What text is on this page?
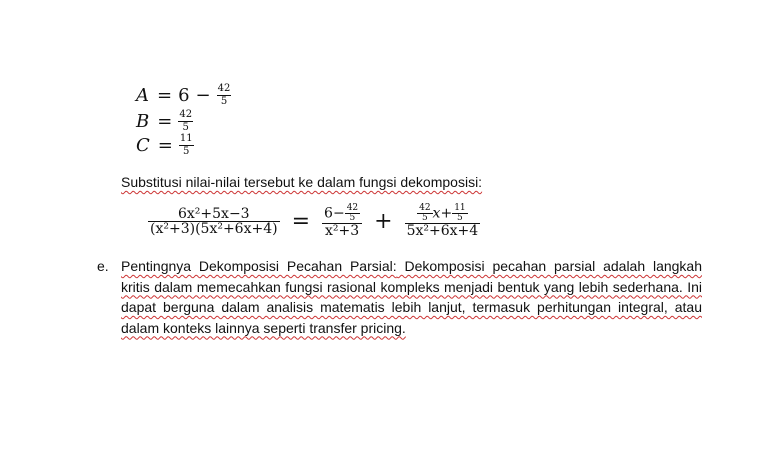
$A = 6 - \frac{42}{5}$
$B = \frac{42}{5}$
$C = \frac{11}{5}$
Substitusi nilai-nilai tersebut ke dalam fungsi dekomposisi:
$\frac{\text{6x²+5x−3}}{\text{(x²+3)(5x²+6x+4)}} = \frac{6- \frac{42}{5}}{\text{x²+3}} + \frac{\frac{42}{5} x+ \frac{11}{5}}{\text{5x²+6x+4}}$
e. Pentingnya Dekomposisi Pecahan Parsial: Dekomposisi pecahan parsial adalah langkah kritis dalam memecahkan fungsi rasional kompleks menjadi bentuk yang lebih sederhana. Ini dapat berguna dalam analisis matematis lebih lanjut, termasuk perhitungan integral, atau dalam konteks lainnya seperti transfer pricing.
